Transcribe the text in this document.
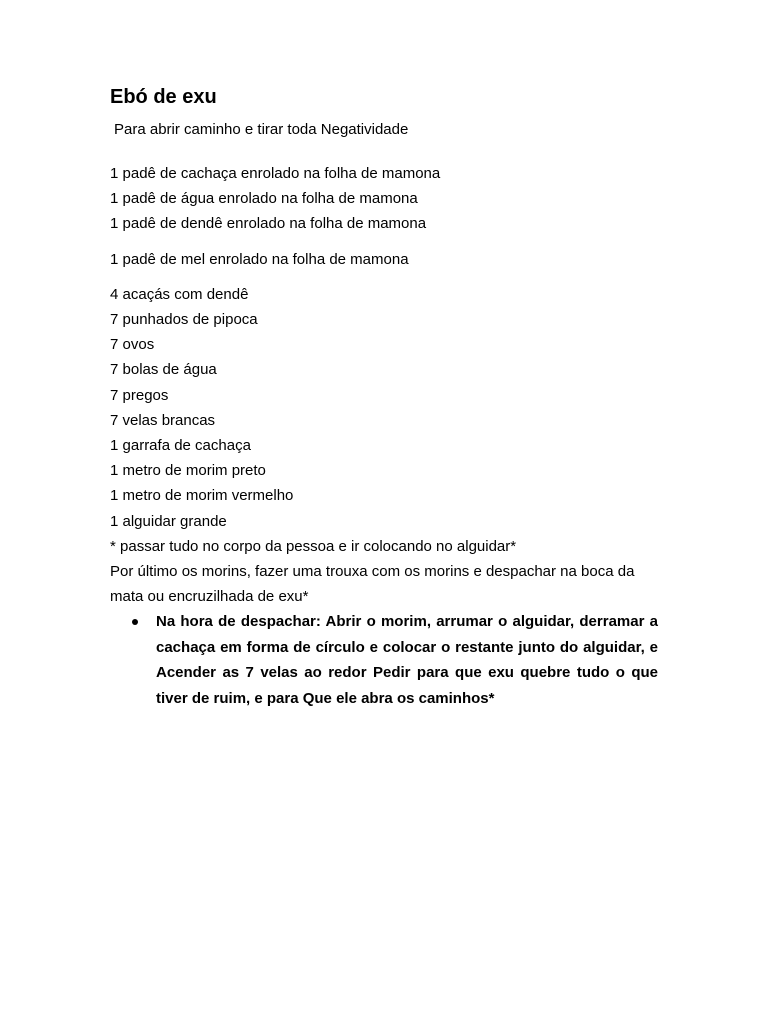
Ebó de exu

Para abrir caminho e tirar toda Negatividade

1 padê de cachaça enrolado na folha de mamona

1 padê de água enrolado na folha de mamona

1 padê de dendê enrolado na folha de mamona

1 padê de mel enrolado na folha de mamona

4 acaçás com dendê

7 punhados de pipoca

7 ovos

7 bolas de água

7 pregos

7 velas brancas

1 garrafa de cachaça

1 metro de morim preto

1 metro de morim vermelho

1 alguidar grande

* passar tudo no corpo da pessoa e ir colocando no alguidar*

Por último os morins, fazer uma trouxa com os morins e despachar na boca da mata ou encruzilhada de exu*

Na hora de despachar: Abrir o morim, arrumar o alguidar, derramar a cachaça em forma de círculo e colocar o restante junto do alguidar, e Acender as 7 velas ao redor Pedir para que exu quebre tudo o que tiver de ruim, e para Que ele abra os caminhos*
